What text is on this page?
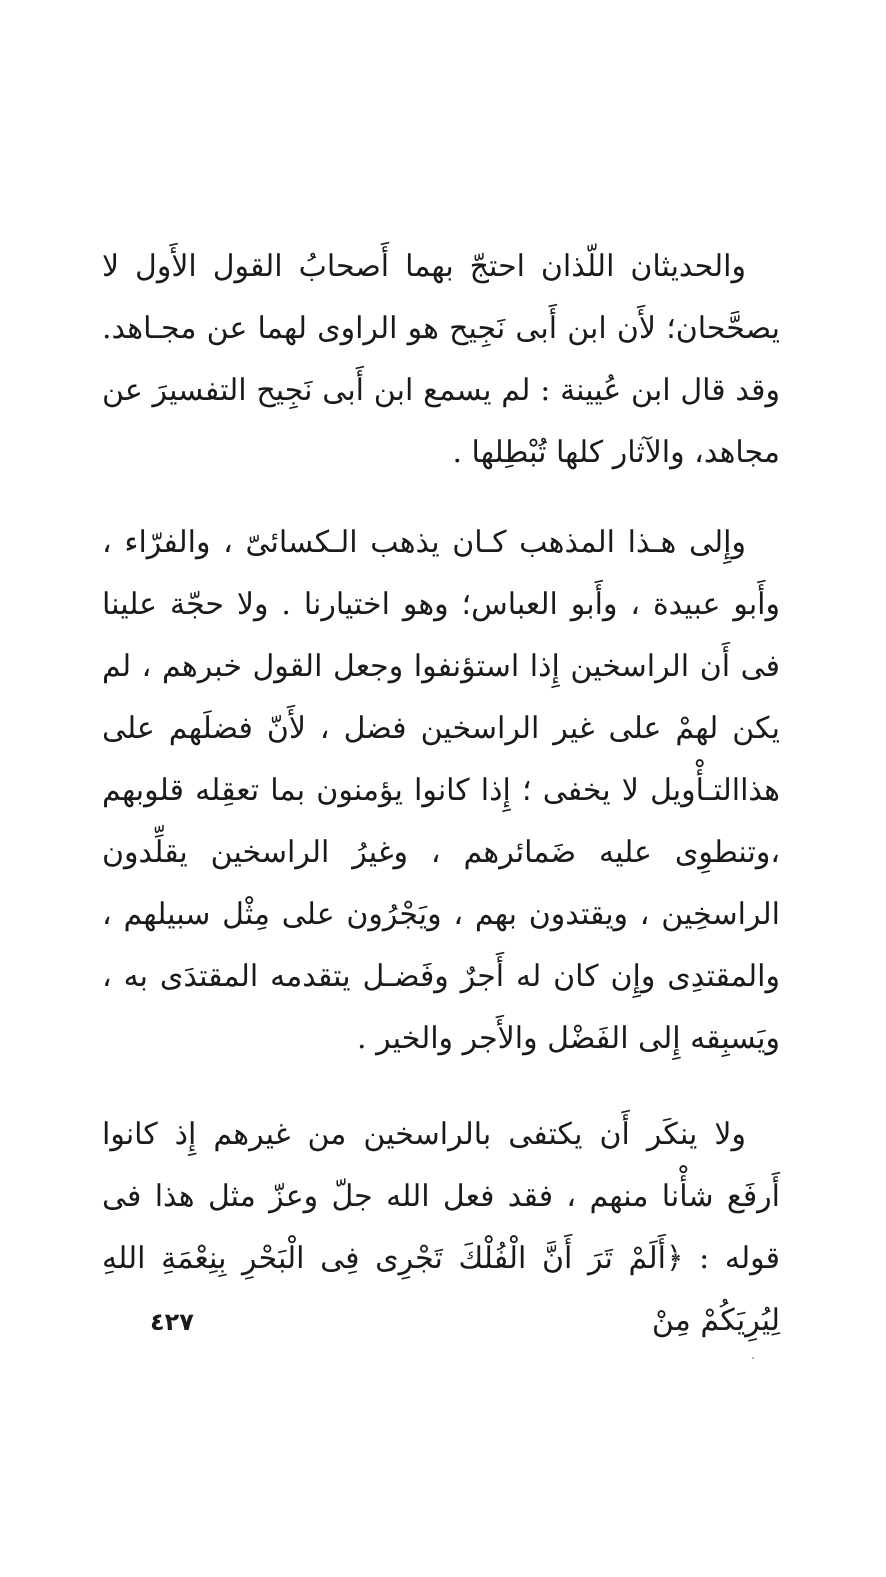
والحديثان اللّذان احتجّ بهما أَصحابُ القول الأَول لا يصحَّحان؛ لأَن ابن أَبى نَجِيح هو الراوى لهما عن مجـاهد. وقد قال ابن عُيينة : لم يسمع ابن أَبى نَجِيح التفسيرَ عن مجاهد، والآثار كلها تُبْطِلها .

وإِلى هـذا المذهب كـان يذهب الـكسائىّ ، والفرّاء ، وأَبو عبيدة ، وأَبو العباس؛ وهو اختيارنا . ولا حجّة علينا فى أَن الراسخين إِذا استؤنفوا وجعل القول خبرهم ، لم يكن لهمْ على غير الراسخين فضل ، لأَنّ فضلَهم على هذاالتـأْويل لا يخفى ؛ إِذا كانوا يؤمنون بما تعقِله قلوبهم ،وتنطوِى عليه ضَمائرهم ، وغيرُ الراسخين يقلِّدون الراسخِين ، ويقتدون بهم ، ويَجْرُون على مِثْل سبيلهم ، والمقتدِى وإِن كان له أَجرٌ وفَضـل يتقدمه المقتدَى به ، ويَسبِقه إِلى الفَضْل والأَجر والخير .

ولا ينكَر أَن يكتفى بالراسخين من غيرهم إِذ كانوا أَرفَع شأْنا منهم ، فقد فعل الله جلّ وعزّ مثل هذا فى قوله : ﴿أَلَمْ تَرَ أَنَّ الْفُلْكَ تَجْرِى فِى الْبَحْرِ بِنِعْمَةِ اللهِ لِيُرِيَكُمْ مِنْ

٤٢٧
